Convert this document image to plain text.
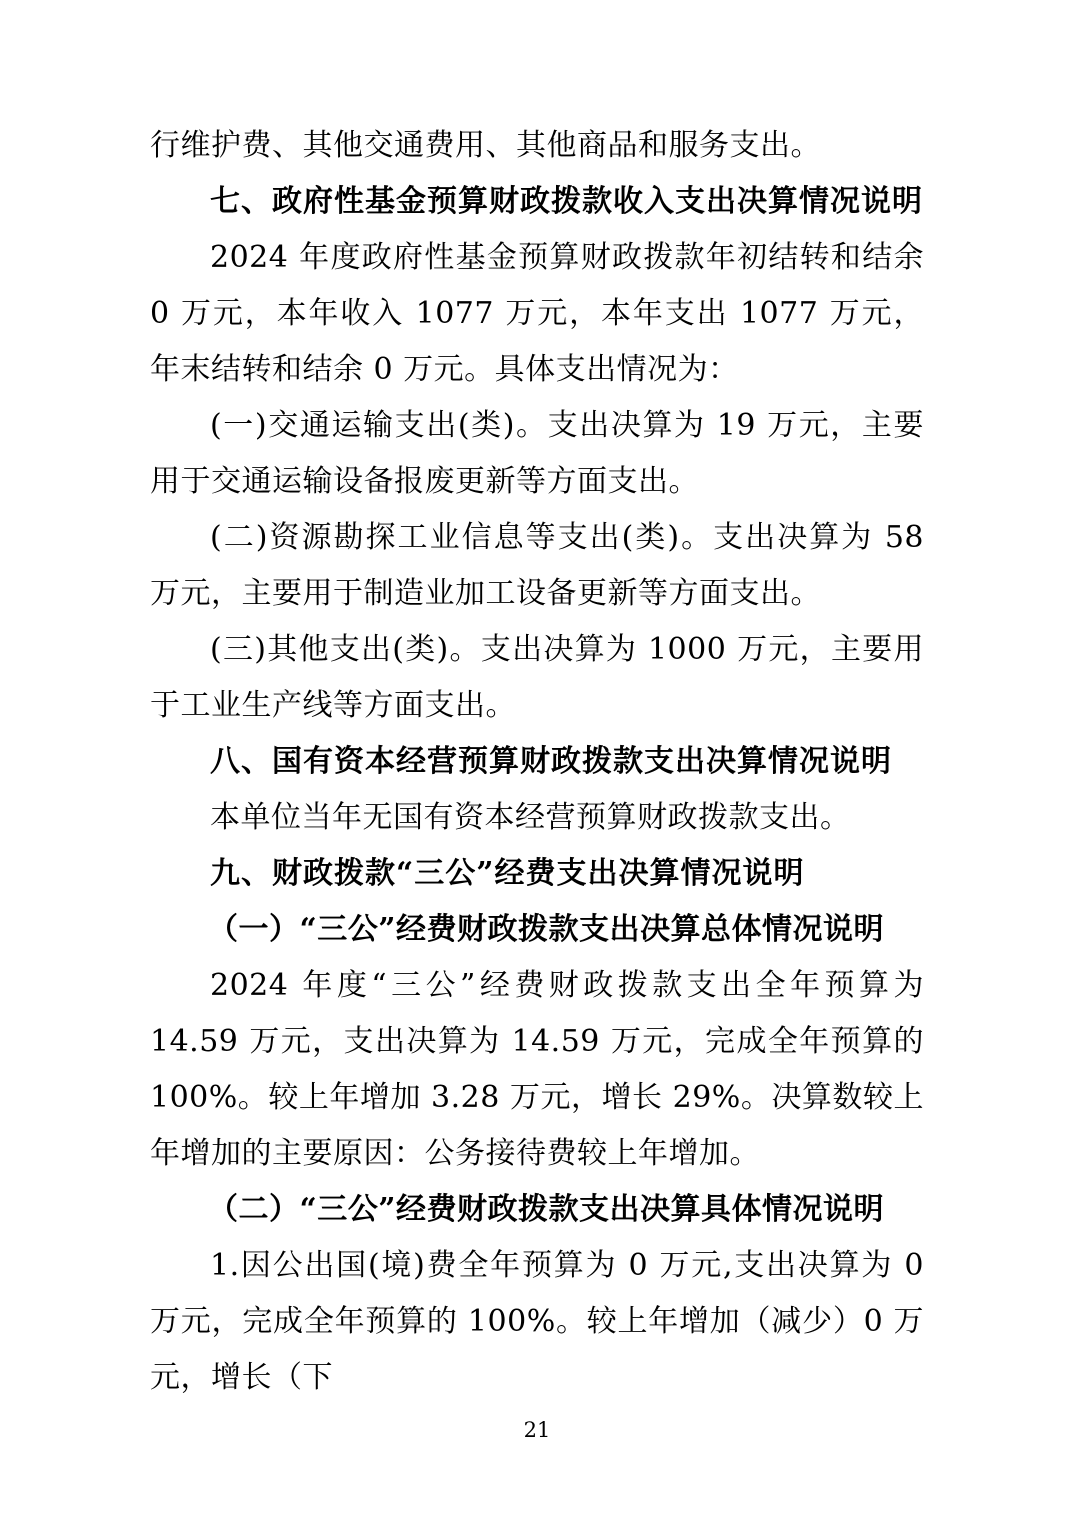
行维护费、其他交通费用、其他商品和服务支出。

七、政府性基金预算财政拨款收入支出决算情况说明

2024 年度政府性基金预算财政拨款年初结转和结余 0 万元，本年收入 1077 万元，本年支出 1077 万元，年末结转和结余 0 万元。具体支出情况为：

(一)交通运输支出(类)。支出决算为 19 万元，主要用于交通运输设备报废更新等方面支出。

(二)资源勘探工业信息等支出(类)。支出决算为 58 万元，主要用于制造业加工设备更新等方面支出。

(三)其他支出(类)。支出决算为 1000 万元，主要用于工业生产线等方面支出。

八、国有资本经营预算财政拨款支出决算情况说明

本单位当年无国有资本经营预算财政拨款支出。

九、财政拨款“三公”经费支出决算情况说明

（一）“三公”经费财政拨款支出决算总体情况说明

2024 年度“三公”经费财政拨款支出全年预算为 14.59 万元，支出决算为 14.59 万元，完成全年预算的 100%。较上年增加 3.28 万元，增长 29%。决算数较上年增加的主要原因：公务接待费较上年增加。

（二）“三公”经费财政拨款支出决算具体情况说明

1.因公出国(境)费全年预算为 0 万元,支出决算为 0 万元，完成全年预算的 100%。较上年增加（减少）0 万元，增长（下

21
